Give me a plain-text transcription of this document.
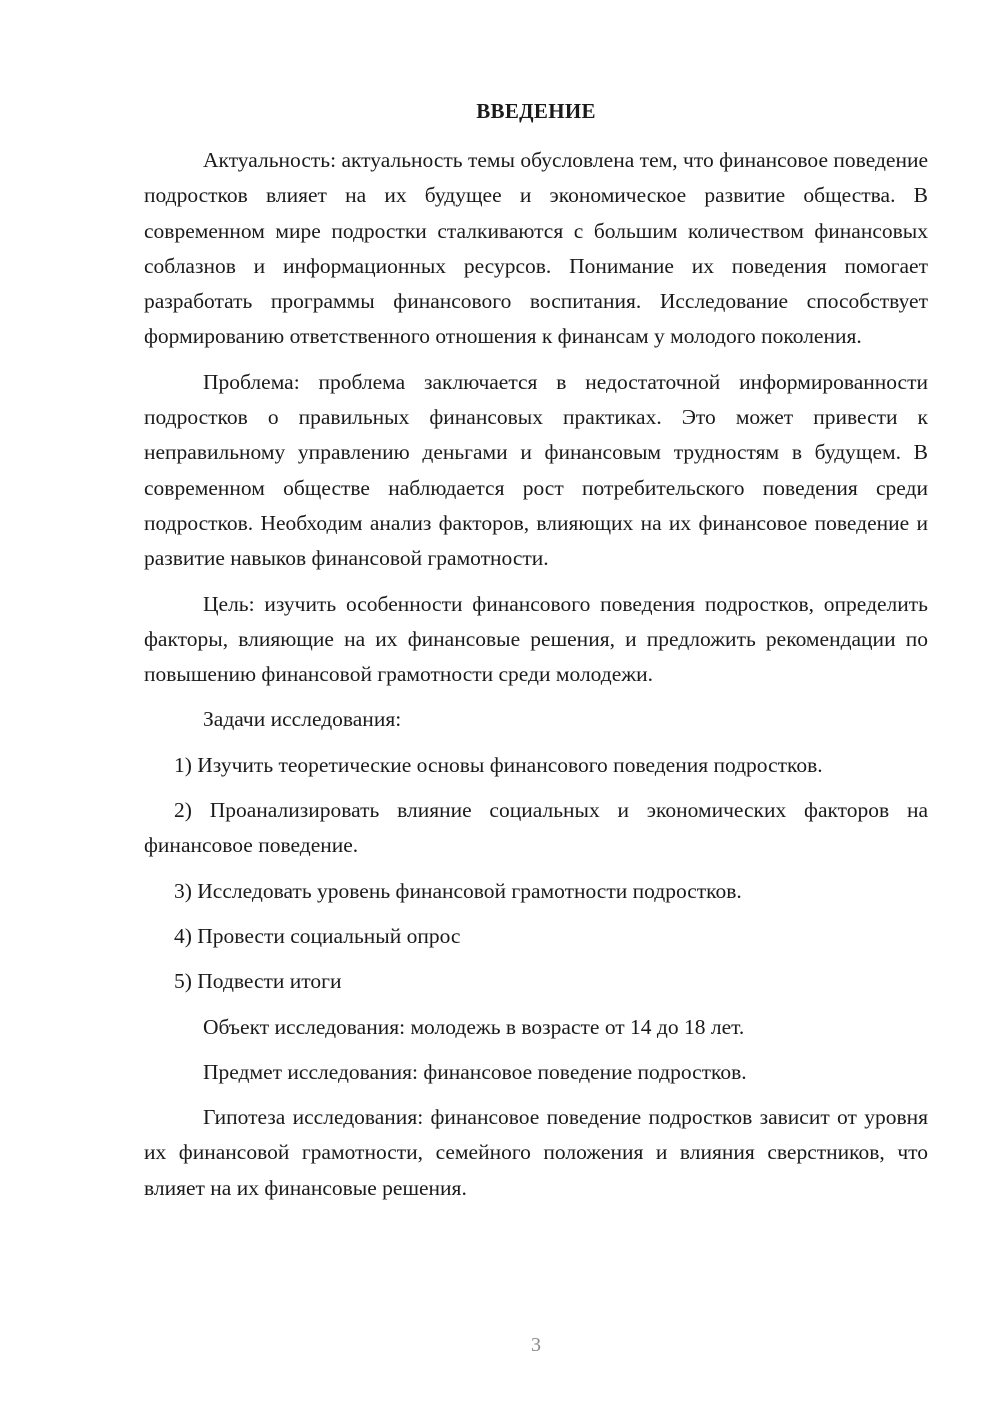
ВВЕДЕНИЕ

Актуальность: актуальность темы обусловлена тем, что финансовое поведение подростков влияет на их будущее и экономическое развитие общества. В современном мире подростки сталкиваются с большим количеством финансовых соблазнов и информационных ресурсов. Понимание их поведения помогает разработать программы финансового воспитания. Исследование способствует формированию ответственного отношения к финансам у молодого поколения.

Проблема: проблема заключается в недостаточной информированности подростков о правильных финансовых практиках. Это может привести к неправильному управлению деньгами и финансовым трудностям в будущем. В современном обществе наблюдается рост потребительского поведения среди подростков. Необходим анализ факторов, влияющих на их финансовое поведение и развитие навыков финансовой грамотности.

Цель: изучить особенности финансового поведения подростков, определить факторы, влияющие на их финансовые решения, и предложить рекомендации по повышению финансовой грамотности среди молодежи.

Задачи исследования:

1) Изучить теоретические основы финансового поведения подростков.

2) Проанализировать влияние социальных и экономических факторов на финансовое поведение.

3) Исследовать уровень финансовой грамотности подростков.

4) Провести социальный опрос

5) Подвести итоги

Объект исследования: молодежь в возрасте от 14 до 18 лет.

Предмет исследования: финансовое поведение подростков.

Гипотеза исследования: финансовое поведение подростков зависит от уровня их финансовой грамотности, семейного положения и влияния сверстников, что влияет на их финансовые решения.

3
